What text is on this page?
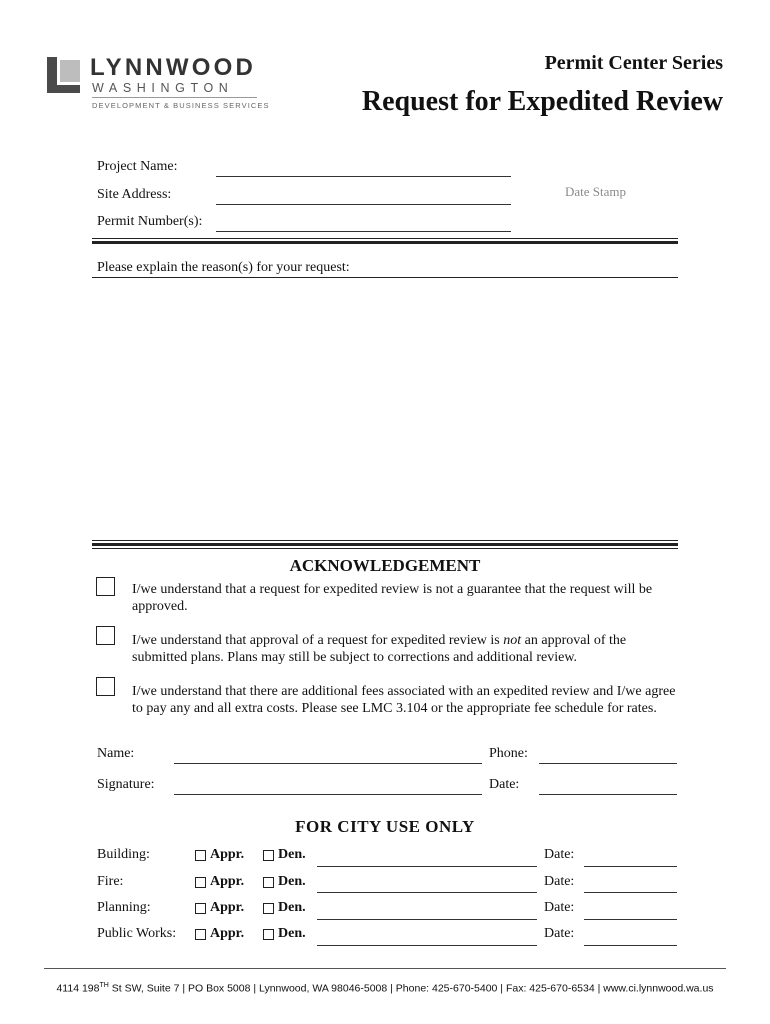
LYNNWOOD
WASHINGTON
DEVELOPMENT & BUSINESS SERVICES
Permit Center Series
Request for Expedited Review
Project Name:
Site Address:
Permit Number(s):
Date Stamp
Please explain the reason(s) for your request:
ACKNOWLEDGEMENT
I/we understand that a request for expedited review is not a guarantee that the request will be approved.
I/we understand that approval of a request for expedited review is not an approval of the submitted plans. Plans may still be subject to corrections and additional review.
I/we understand that there are additional fees associated with an expedited review and I/we agree to pay any and all extra costs. Please see LMC 3.104 or the appropriate fee schedule for rates.
Name:	Phone:
Signature:	Date:
FOR CITY USE ONLY
Building:	Appr. Den.	Date:
Fire:	Appr. Den.	Date:
Planning:	Appr. Den.	Date:
Public Works: Appr. Den.	Date:
4114 198TH St SW, Suite 7 | PO Box 5008 | Lynnwood, WA 98046-5008 | Phone: 425-670-5400 | Fax: 425-670-6534 | www.ci.lynnwood.wa.us
